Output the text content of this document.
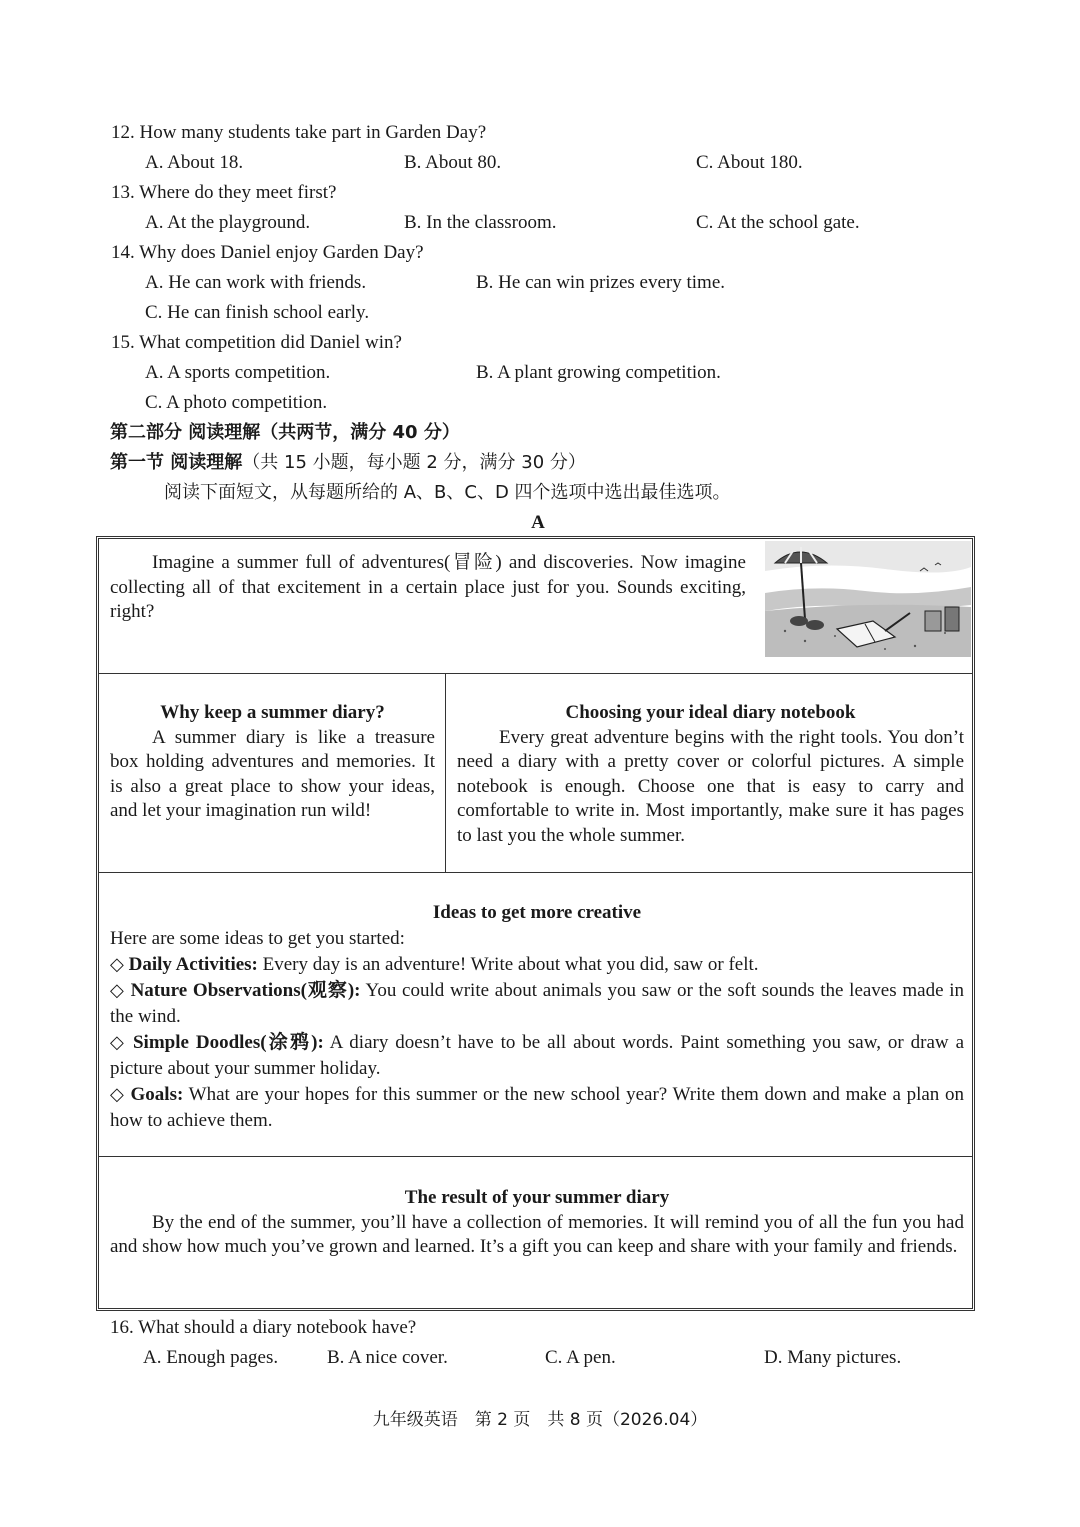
12. How many students take part in Garden Day?
A. About 18.	B. About 80.	C. About 180.
13. Where do they meet first?
A. At the playground.	B. In the classroom.	C. At the school gate.
14. Why does Daniel enjoy Garden Day?
A. He can work with friends.	B. He can win prizes every time.
C. He can finish school early.
15. What competition did Daniel win?
A. A sports competition.	B. A plant growing competition.
C. A photo competition.
第二部分 阅读理解（共两节，满分 40 分）
第一节 阅读理解（共 15 小题，每小题 2 分，满分 30 分）
阅读下面短文，从每题所给的 A、B、C、D 四个选项中选出最佳选项。
A
Imagine a summer full of adventures(冒险) and discoveries. Now imagine collecting all of that excitement in a certain place just for you. Sounds exciting, right?

Why keep a summer diary?

A summer diary is like a treasure box holding adventures and memories. It is also a great place to show your ideas, and let your imagination run wild!

Choosing your ideal diary notebook

Every great adventure begins with the right tools. You don’t need a diary with a pretty cover or colorful pictures. A simple notebook is enough. Choose one that is easy to carry and comfortable to write in. Most importantly, make sure it has pages to last you the whole summer.

Ideas to get more creative

Here are some ideas to get you started:

◇ Daily Activities: Every day is an adventure! Write about what you did, saw or felt.

◇ Nature Observations(观察): You could write about animals you saw or the soft sounds the leaves made in the wind.

◇ Simple Doodles(涂鸦): A diary doesn’t have to be all about words. Paint something you saw, or draw a picture about your summer holiday.

◇ Goals: What are your hopes for this summer or the new school year? Write them down and make a plan on how to achieve them.

The result of your summer diary

By the end of the summer, you’ll have a collection of memories. It will remind you of all the fun you had and show how much you’ve grown and learned. It’s a gift you can keep and share with your family and friends.

16. What should a diary notebook have?
A. Enough pages.	B. A nice cover.	C. A pen.	D. Many pictures.
九年级英语　第 2 页　共 8 页（2026.04）
